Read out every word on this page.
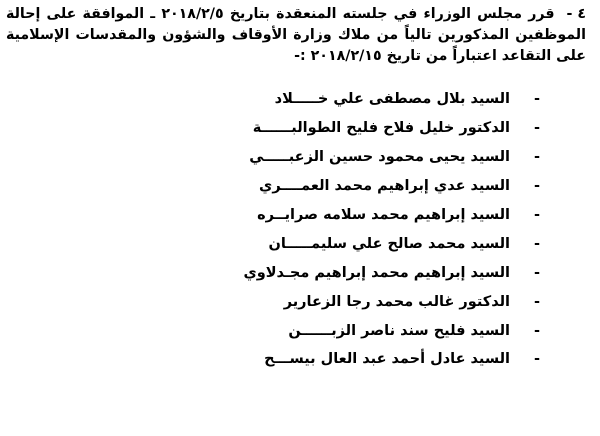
٤ -قرر مجلس الوزراء في جلسته المنعقدة بتاريخ ٢٠١٨/٢/٥ ـ الموافقة على إحالة الموظفين المذكورين تالياً من ملاك وزارة الأوقاف والشؤون والمقدسات الإسلامية على التقاعد اعتباراً من تاريخ ٢٠١٨/٢/١٥ :-
-
السيد بلال مصطفى علي خـــــلاد
-
الدكتور خليل فلاح فليح الطوالبــــــة
-
السيد يحيى محمود حسين الزعبـــــي
-
السيد عدي إبراهيم محمد العمــــري
-
السيد إبراهيم محمد سلامه صرايــره
-
السيد محمد صالح علي سليمـــــان
-
السيد إبراهيم محمد إبراهيم مجـدلاوي
-
الدكتور غالب محمد رجا الزعارير
-
السيد فليح سند ناصر الزبــــــن
-
السيد عادل أحمد عبد العال بيســـح
